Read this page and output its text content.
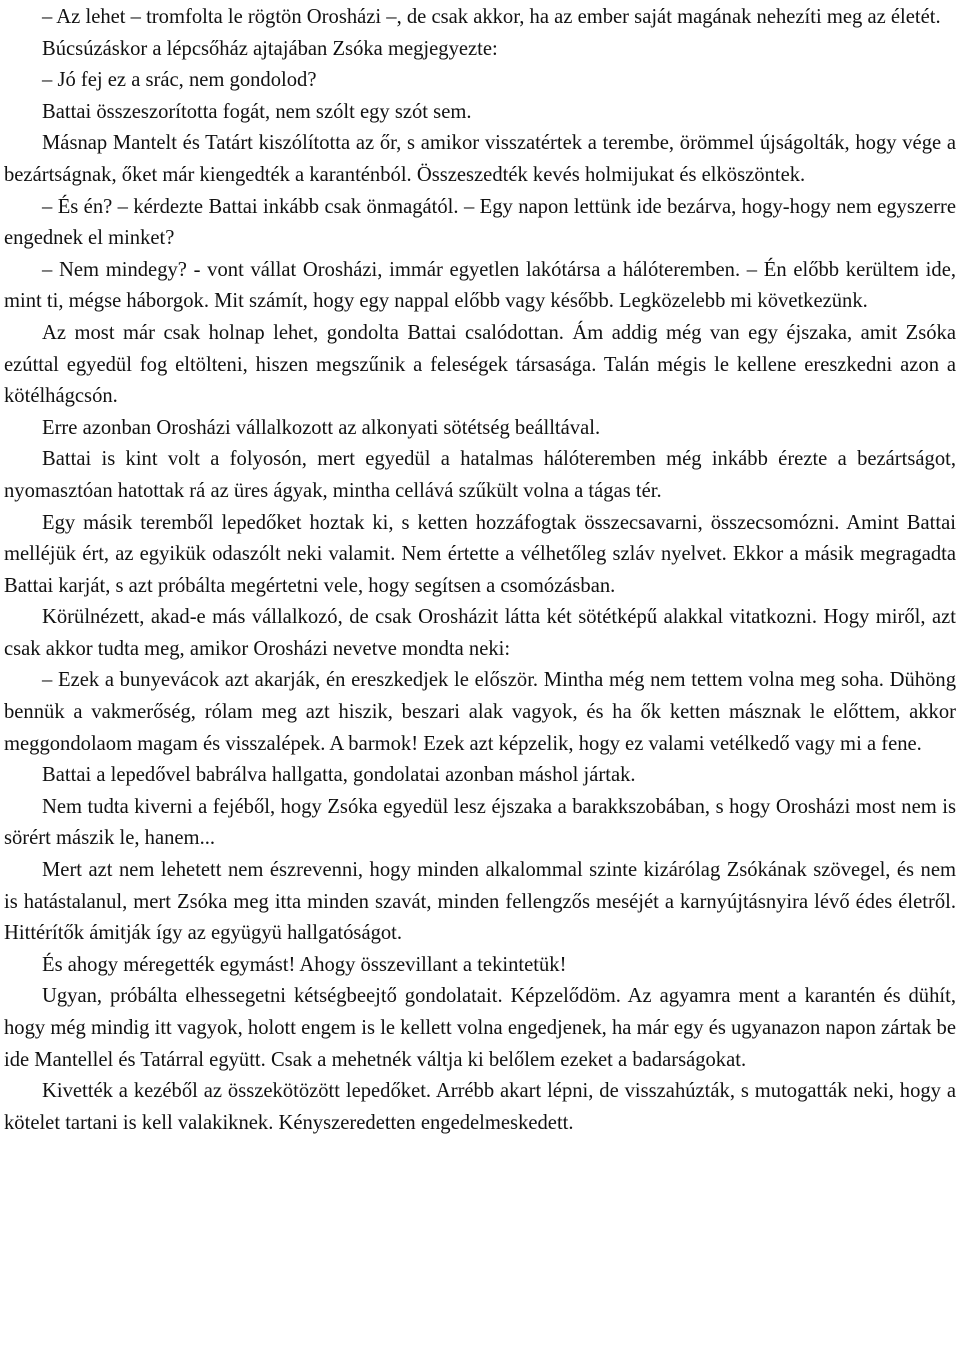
– Az lehet – tromfolta le rögtön Orosházi –, de csak akkor, ha az ember saját magának nehezíti meg az életét.

Búcsúzáskor a lépcsőház ajtajában Zsóka megjegyezte:

– Jó fej ez a srác, nem gondolod?

Battai összeszorította fogát, nem szólt egy szót sem.

Másnap Mantelt és Tatárt kiszólította az őr, s amikor visszatértek a terembe, örömmel újságolták, hogy vége a bezártságnak, őket már kiengedték a karanténból. Összeszedték kevés holmijukat és elköszöntek.

– És én? – kérdezte Battai inkább csak önmagától. – Egy napon lettünk ide bezárva, hogy-hogy nem egyszerre engednek el minket?

– Nem mindegy? - vont vállat Orosházi, immár egyetlen lakótársa a hálóteremben. – Én előbb kerültem ide, mint ti, mégse háborgok. Mit számít, hogy egy nappal előbb vagy később. Legközelebb mi következünk.

Az most már csak holnap lehet, gondolta Battai csalódottan. Ám addig még van egy éjszaka, amit Zsóka ezúttal egyedül fog eltölteni, hiszen megszűnik a feleségek társasága. Talán mégis le kellene ereszkedni azon a kötélhágcsón.

Erre azonban Orosházi vállalkozott az alkonyati sötétség beálltával.

Battai is kint volt a folyosón, mert egyedül a hatalmas hálóteremben még inkább érezte a bezártságot, nyomasztóan hatottak rá az üres ágyak, mintha cellává szűkült volna a tágas tér.

Egy másik teremből lepedőket hoztak ki, s ketten hozzáfogtak összecsavarni, összecsomózni. Amint Battai melléjük ért, az egyikük odaszólt neki valamit. Nem értette a vélhetőleg szláv nyelvet. Ekkor a másik megragadta Battai karját, s azt próbálta megértetni vele, hogy segítsen a csomózásban.

Körülnézett, akad-e más vállalkozó, de csak Orosházit látta két sötétképű alakkal vitatkozni. Hogy miről, azt csak akkor tudta meg, amikor Orosházi nevetve mondta neki:

– Ezek a bunyevácok azt akarják, én ereszkedjek le először. Mintha még nem tettem volna meg soha. Dühöng bennük a vakmerőség, rólam meg azt hiszik, beszari alak vagyok, és ha ők ketten másznak le előttem, akkor meggondolaom magam és visszalépek. A barmok! Ezek azt képzelik, hogy ez valami vetélkedő vagy mi a fene.

Battai a lepedővel babrálva hallgatta, gondolatai azonban máshol jártak.

Nem tudta kiverni a fejéből, hogy Zsóka egyedül lesz éjszaka a barakkszobában, s hogy Orosházi most nem is sörért mászik le, hanem...

Mert azt nem lehetett nem észrevenni, hogy minden alkalommal szinte kizárólag Zsókának szövegel, és nem is hatástalanul, mert Zsóka meg itta minden szavát, minden fellengzős meséjét a karnyújtásnyira lévő édes életről. Hittérítők ámitják így az együgyü hallgatóságot.

És ahogy méregették egymást! Ahogy összevillant a tekintetük!

Ugyan, próbálta elhessegetni kétségbeejtő gondolatait. Képzelődöm. Az agyamra ment a karantén és dühít, hogy még mindig itt vagyok, holott engem is le kellett volna engedjenek, ha már egy és ugyanazon napon zártak be ide Mantellel és Tatárral együtt. Csak a mehetnék váltja ki belőlem ezeket a badarságokat.

Kivették a kezéből az összekötözött lepedőket. Arrébb akart lépni, de visszahúzták, s mutogatták neki, hogy a kötelet tartani is kell valakiknek. Kényszeredetten engedelmeskedett.
